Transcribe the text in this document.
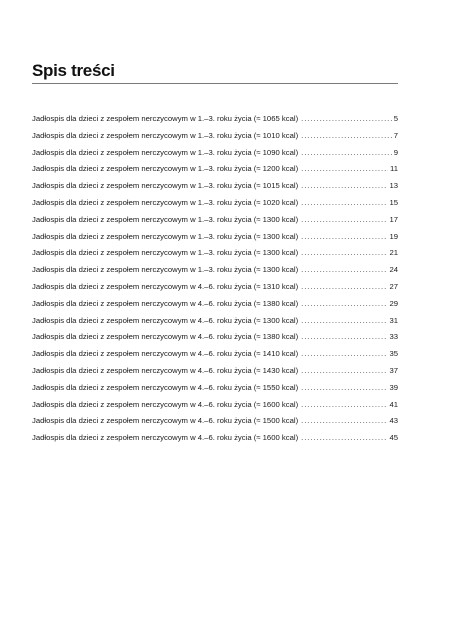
Spis treści
Jadłospis dla dzieci z zespołem nerczycowym w 1.–3. roku życia (≈ 1065 kcal) . . .	5
Jadłospis dla dzieci z zespołem nerczycowym w 1.–3. roku życia (≈ 1010 kcal) . . .	7
Jadłospis dla dzieci z zespołem nerczycowym w 1.–3. roku życia (≈ 1090 kcal) . . .	9
Jadłospis dla dzieci z zespołem nerczycowym w 1.–3. roku życia (≈ 1200 kcal) . . .	11
Jadłospis dla dzieci z zespołem nerczycowym w 1.–3. roku życia (≈ 1015 kcal) . . .	13
Jadłospis dla dzieci z zespołem nerczycowym w 1.–3. roku życia (≈ 1020 kcal) . . .	15
Jadłospis dla dzieci z zespołem nerczycowym w 1.–3. roku życia (≈ 1300 kcal) . . .	17
Jadłospis dla dzieci z zespołem nerczycowym w 1.–3. roku życia (≈ 1300 kcal) . . .	19
Jadłospis dla dzieci z zespołem nerczycowym w 1.–3. roku życia (≈ 1300 kcal) . . .	21
Jadłospis dla dzieci z zespołem nerczycowym w 1.–3. roku życia (≈ 1300 kcal) . . .	24
Jadłospis dla dzieci z zespołem nerczycowym w 4.–6. roku życia (≈ 1310 kcal) . . .	27
Jadłospis dla dzieci z zespołem nerczycowym w 4.–6. roku życia (≈ 1380 kcal) . . .	29
Jadłospis dla dzieci z zespołem nerczycowym w 4.–6. roku życia (≈ 1300 kcal) . . .	31
Jadłospis dla dzieci z zespołem nerczycowym w 4.–6. roku życia (≈ 1380 kcal) . . .	33
Jadłospis dla dzieci z zespołem nerczycowym w 4.–6. roku życia (≈ 1410 kcal) . . .	35
Jadłospis dla dzieci z zespołem nerczycowym w 4.–6. roku życia (≈ 1430 kcal) . . .	37
Jadłospis dla dzieci z zespołem nerczycowym w 4.–6. roku życia (≈ 1550 kcal) . . .	39
Jadłospis dla dzieci z zespołem nerczycowym w 4.–6. roku życia (≈ 1600 kcal) . . .	41
Jadłospis dla dzieci z zespołem nerczycowym w 4.–6. roku życia (≈ 1500 kcal) . . .	43
Jadłospis dla dzieci z zespołem nerczycowym w 4.–6. roku życia (≈ 1600 kcal) . . .	45
